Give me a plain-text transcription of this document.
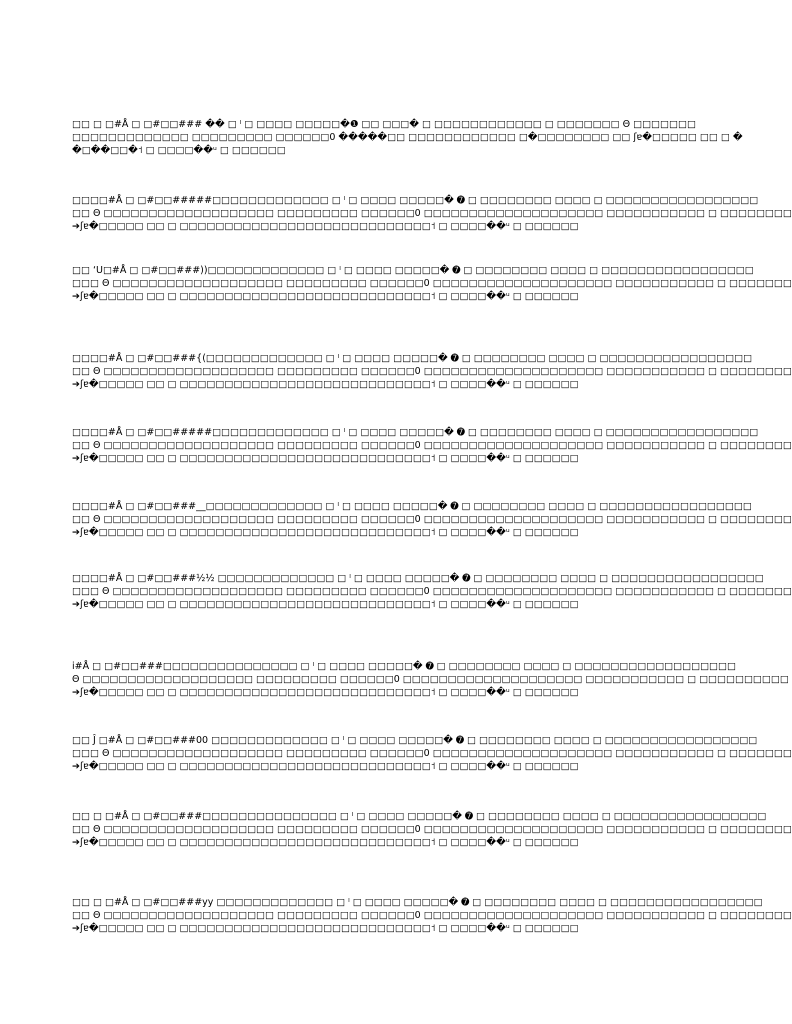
□□ □ □#Å □ □#□□### �� □ ˡ □ □□□□ □□□□□�❶ □□ □□□� □ □□□□□□□□□□□□ □ □□□□□□□ Θ □□□□□□□
□□□□□□□□□□□□□ □□□□□□□□□ □□□□□□0 �����□□ □□□□□□□□□□□□ □�□□□□□□□□ □□ ʃɐ�□□□□□ □□ □ �
�□��□□�˦ □ □□□□��ᵘ □ □□□□□□
□□□□#Å □ □#□□#####□□□□□□□□□□□□□ □ ˡ □ □□□□ □□□□□� ➐ □ □□□□□□□□ □□□□ □ □□□□□□□□□□□□□□□□□
□□ Θ □□□□□□□□□□□□□□□□□□□ □□□□□□□□□ □□□□□□0 □□□□□□□□□□□□□□□□□□□□ □□□□□□□□□□□ □ □□□□□□□□
➔ʃɐ�□□□□□ □□ □ □□□□□□□□□□□□□□□□□□□□□□□□□□□□˦ □ □□□□��ᵘ □ □□□□□□
□□ ‘U□#Å □ □#□□###))□□□□□□□□□□□□□ □ ˡ □ □□□□ □□□□□� ➐ □ □□□□□□□□ □□□□ □ □□□□□□□□□□□□□□□□□
□□□ Θ □□□□□□□□□□□□□□□□□□□ □□□□□□□□□ □□□□□□0 □□□□□□□□□□□□□□□□□□□□ □□□□□□□□□□□ □ □□□□□□□
➔ʃɐ�□□□□□ □□ □ □□□□□□□□□□□□□□□□□□□□□□□□□□□□˦ □ □□□□��ᵘ □ □□□□□□
□□□□#Å □ □#□□###{(□□□□□□□□□□□□□ □ ˡ □ □□□□ □□□□□� ➐ □ □□□□□□□□ □□□□ □ □□□□□□□□□□□□□□□□□
□□ Θ □□□□□□□□□□□□□□□□□□□ □□□□□□□□□ □□□□□□0 □□□□□□□□□□□□□□□□□□□□ □□□□□□□□□□□ □ □□□□□□□□
➔ʃɐ�□□□□□ □□ □ □□□□□□□□□□□□□□□□□□□□□□□□□□□□˦ □ □□□□��ᵘ □ □□□□□□
□□□□#Å □ □#□□#####□□□□□□□□□□□□□ □ ˡ □ □□□□ □□□□□� ➐ □ □□□□□□□□ □□□□ □ □□□□□□□□□□□□□□□□□
□□ Θ □□□□□□□□□□□□□□□□□□□ □□□□□□□□□ □□□□□□0 □□□□□□□□□□□□□□□□□□□□ □□□□□□□□□□□ □ □□□□□□□□
➔ʃɐ�□□□□□ □□ □ □□□□□□□□□□□□□□□□□□□□□□□□□□□□˦ □ □□□□��ᵘ □ □□□□□□
□□□□#Å □ □#□□###__□□□□□□□□□□□□□ □ ˡ □ □□□□ □□□□□� ➐ □ □□□□□□□□ □□□□ □ □□□□□□□□□□□□□□□□□
□□ Θ □□□□□□□□□□□□□□□□□□□ □□□□□□□□□ □□□□□□0 □□□□□□□□□□□□□□□□□□□□ □□□□□□□□□□□ □ □□□□□□□□
➔ʃɐ�□□□□□ □□ □ □□□□□□□□□□□□□□□□□□□□□□□□□□□□˦ □ □□□□��ᵘ □ □□□□□□
□□□□#Å □ □#□□###½½ □□□□□□□□□□□□□ □ ˡ □ □□□□ □□□□□� ➐ □ □□□□□□□□ □□□□ □ □□□□□□□□□□□□□□□□□
□□□ Θ □□□□□□□□□□□□□□□□□□□ □□□□□□□□□ □□□□□□0 □□□□□□□□□□□□□□□□□□□□ □□□□□□□□□□□ □ □□□□□□□
➔ʃɐ�□□□□□ □□ □ □□□□□□□□□□□□□□□□□□□□□□□□□□□□˦ □ □□□□��ᵘ □ □□□□□□
i#Å □ □#□□###□□□□□□□□□□□□□□□ □ ˡ □ □□□□ □□□□□� ➐ □ □□□□□□□□ □□□□ □ □□□□□□□□□□□□□□□□□□
Θ □□□□□□□□□□□□□□□□□□□ □□□□□□□□□ □□□□□□0 □□□□□□□□□□□□□□□□□□□□ □□□□□□□□□□□ □ □□□□□□□□□□
➔ʃɐ�□□□□□ □□ □ □□□□□□□□□□□□□□□□□□□□□□□□□□□□˦ □ □□□□��ᵘ □ □□□□□□
□□ Ĵ □#Å □ □#□□###00 □□□□□□□□□□□□□ □ ˡ □ □□□□ □□□□□� ➐ □ □□□□□□□□ □□□□ □ □□□□□□□□□□□□□□□□□
□□□ Θ □□□□□□□□□□□□□□□□□□□ □□□□□□□□□ □□□□□□0 □□□□□□□□□□□□□□□□□□□□ □□□□□□□□□□□ □ □□□□□□□
➔ʃɐ�□□□□□ □□ □ □□□□□□□□□□□□□□□□□□□□□□□□□□□□˦ □ □□□□��ᵘ □ □□□□□□
□□ □ □#Å □ □#□□###□□□□□□□□□□□□□□□ □ ˡ □ □□□□ □□□□□� ➐ □ □□□□□□□□ □□□□ □ □□□□□□□□□□□□□□□□□
□□ Θ □□□□□□□□□□□□□□□□□□□ □□□□□□□□□ □□□□□□0 □□□□□□□□□□□□□□□□□□□□ □□□□□□□□□□□ □ □□□□□□□□
➔ʃɐ�□□□□□ □□ □ □□□□□□□□□□□□□□□□□□□□□□□□□□□□˦ □ □□□□��ᵘ □ □□□□□□
□□ □ □#Å □ □#□□###yy □□□□□□□□□□□□□ □ ˡ □ □□□□ □□□□□� ➐ □ □□□□□□□□ □□□□ □ □□□□□□□□□□□□□□□□□
□□ Θ □□□□□□□□□□□□□□□□□□□ □□□□□□□□□ □□□□□□0 □□□□□□□□□□□□□□□□□□□□ □□□□□□□□□□□ □ □□□□□□□□
➔ʃɐ�□□□□□ □□ □ □□□□□□□□□□□□□□□□□□□□□□□□□□□□˦ □ □□□□��ᵘ □ □□□□□□
